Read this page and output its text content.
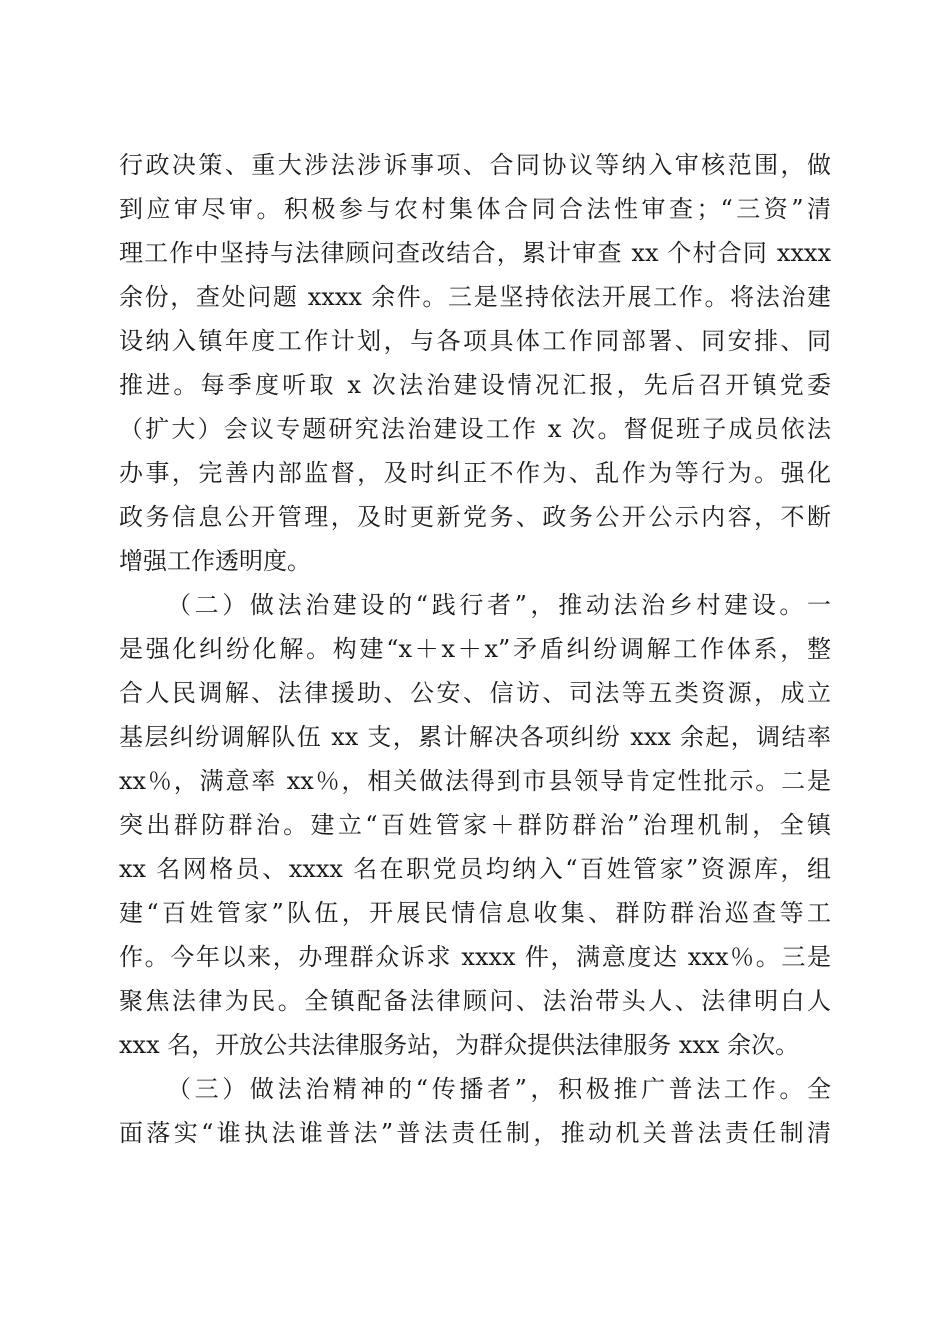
行政决策、重大涉法涉诉事项、合同协议等纳入审核范围，做
到应审尽审。积极参与农村集体合同合法性审查；“三资”清
理工作中坚持与法律顾问查改结合，累计审查 xx 个村合同 xxxx
余份，查处问题 xxxx 余件。三是坚持依法开展工作。将法治建
设纳入镇年度工作计划，与各项具体工作同部署、同安排、同
推进。每季度听取 x 次法治建设情况汇报，先后召开镇党委
（扩大）会议专题研究法治建设工作 x 次。督促班子成员依法
办事，完善内部监督，及时纠正不作为、乱作为等行为。强化
政务信息公开管理，及时更新党务、政务公开公示内容，不断
增强工作透明度。
（二）做法治建设的“践行者”，推动法治乡村建设。一
是强化纠纷化解。构建“x＋x＋x”矛盾纠纷调解工作体系，整
合人民调解、法律援助、公安、信访、司法等五类资源，成立
基层纠纷调解队伍 xx 支，累计解决各项纠纷 xxx 余起，调结率
xx％，满意率 xx％，相关做法得到市县领导肯定性批示。二是
突出群防群治。建立“百姓管家＋群防群治”治理机制，全镇
xx 名网格员、xxxx 名在职党员均纳入“百姓管家”资源库，组
建“百姓管家”队伍，开展民情信息收集、群防群治巡查等工
作。今年以来，办理群众诉求 xxxx 件，满意度达 xxx％。三是
聚焦法律为民。全镇配备法律顾问、法治带头人、法律明白人
xxx 名，开放公共法律服务站，为群众提供法律服务 xxx 余次。
（三）做法治精神的“传播者”，积极推广普法工作。全
面落实“谁执法谁普法”普法责任制，推动机关普法责任制清
